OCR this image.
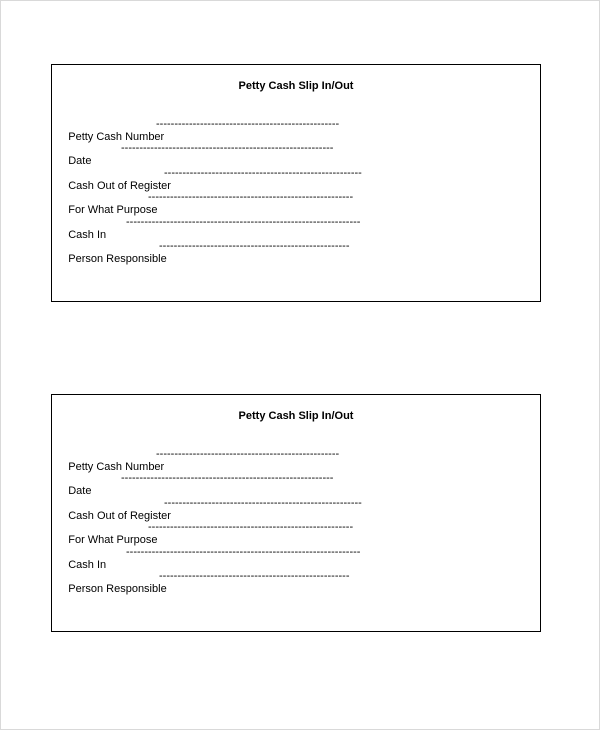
Petty Cash Slip In/Out

Petty Cash Number

--------------------------------------------------

Date

----------------------------------------------------------

Cash Out of Register

------------------------------------------------------

For What Purpose

--------------------------------------------------------

Cash In

----------------------------------------------------------------

Person Responsible

----------------------------------------------------

Petty Cash Slip In/Out

Petty Cash Number

--------------------------------------------------

Date

----------------------------------------------------------

Cash Out of Register

------------------------------------------------------

For What Purpose

--------------------------------------------------------

Cash In

----------------------------------------------------------------

Person Responsible

----------------------------------------------------
